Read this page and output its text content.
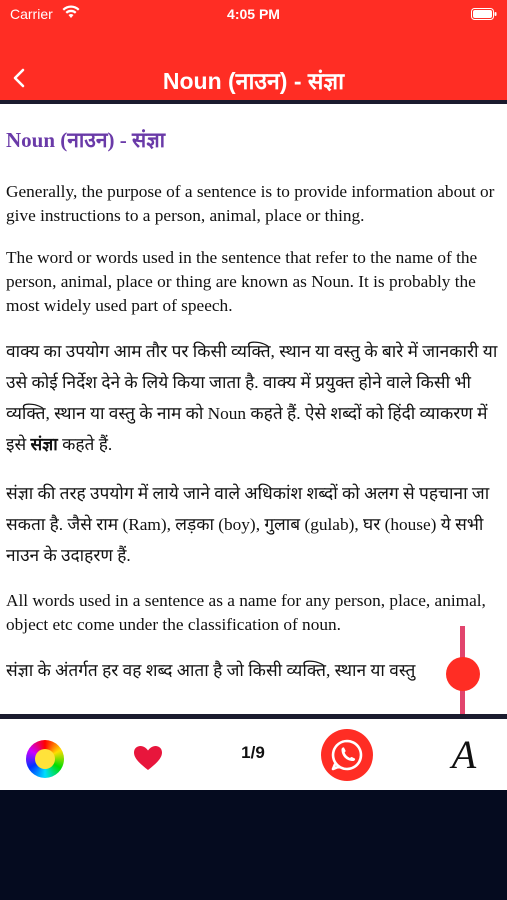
Carrier	4:05 PM
Noun (नाउन) - संज्ञा
Noun (नाउन) - संज्ञा

Generally, the purpose of a sentence is to provide information about or give instructions to a person, animal, place or thing.

The word or words used in the sentence that refer to the name of the person, animal, place or thing are known as Noun. It is probably the most widely used part of speech.

वाक्य का उपयोग आम तौर पर किसी व्यक्ति, स्थान या वस्तु के बारे में जानकारी या उसे कोई निर्देश देने के लिये किया जाता है. वाक्य में प्रयुक्त होने वाले किसी भी व्यक्ति, स्थान या वस्तु के नाम को Noun कहते हैं. ऐसे शब्दों को हिंदी व्याकरण में इसे संज्ञा कहते हैं.

संज्ञा की तरह उपयोग में लाये जाने वाले अधिकांश शब्दों को अलग से पहचाना जा सकता है. जैसे राम (Ram), लड़का (boy), गुलाब (gulab), घर (house) ये सभी नाउन के उदाहरण हैं.

All words used in a sentence as a name for any person, place, animal, object etc come under the classification of noun.

संज्ञा के अंतर्गत हर वह शब्द आता है जो किसी व्यक्ति, स्थान या वस्तु

1/9	A
